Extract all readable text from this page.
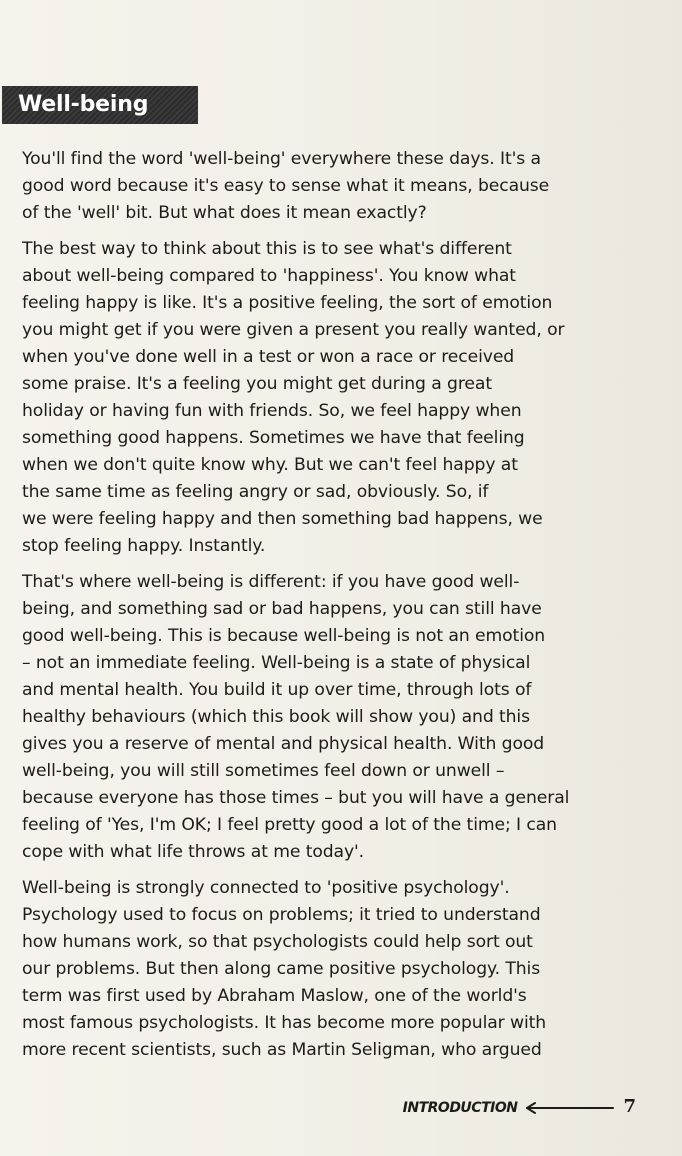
Well-being

You'll find the word 'well-being' everywhere these days. It's a
good word because it's easy to sense what it means, because
of the 'well' bit. But what does it mean exactly?

The best way to think about this is to see what's different
about well-being compared to 'happiness'. You know what
feeling happy is like. It's a positive feeling, the sort of emotion
you might get if you were given a present you really wanted, or
when you've done well in a test or won a race or received
some praise. It's a feeling you might get during a great
holiday or having fun with friends. So, we feel happy when
something good happens. Sometimes we have that feeling
when we don't quite know why. But we can't feel happy at
the same time as feeling angry or sad, obviously. So, if
we were feeling happy and then something bad happens, we
stop feeling happy. Instantly.

That's where well-being is different: if you have good well-
being, and something sad or bad happens, you can still have
good well-being. This is because well-being is not an emotion
– not an immediate feeling. Well-being is a state of physical
and mental health. You build it up over time, through lots of
healthy behaviours (which this book will show you) and this
gives you a reserve of mental and physical health. With good
well-being, you will still sometimes feel down or unwell –
because everyone has those times – but you will have a general
feeling of 'Yes, I'm OK; I feel pretty good a lot of the time; I can
cope with what life throws at me today'.

Well-being is strongly connected to 'positive psychology'.
Psychology used to focus on problems; it tried to understand
how humans work, so that psychologists could help sort out
our problems. But then along came positive psychology. This
term was first used by Abraham Maslow, one of the world's
most famous psychologists. It has become more popular with
more recent scientists, such as Martin Seligman, who argued

INTRODUCTION	7
